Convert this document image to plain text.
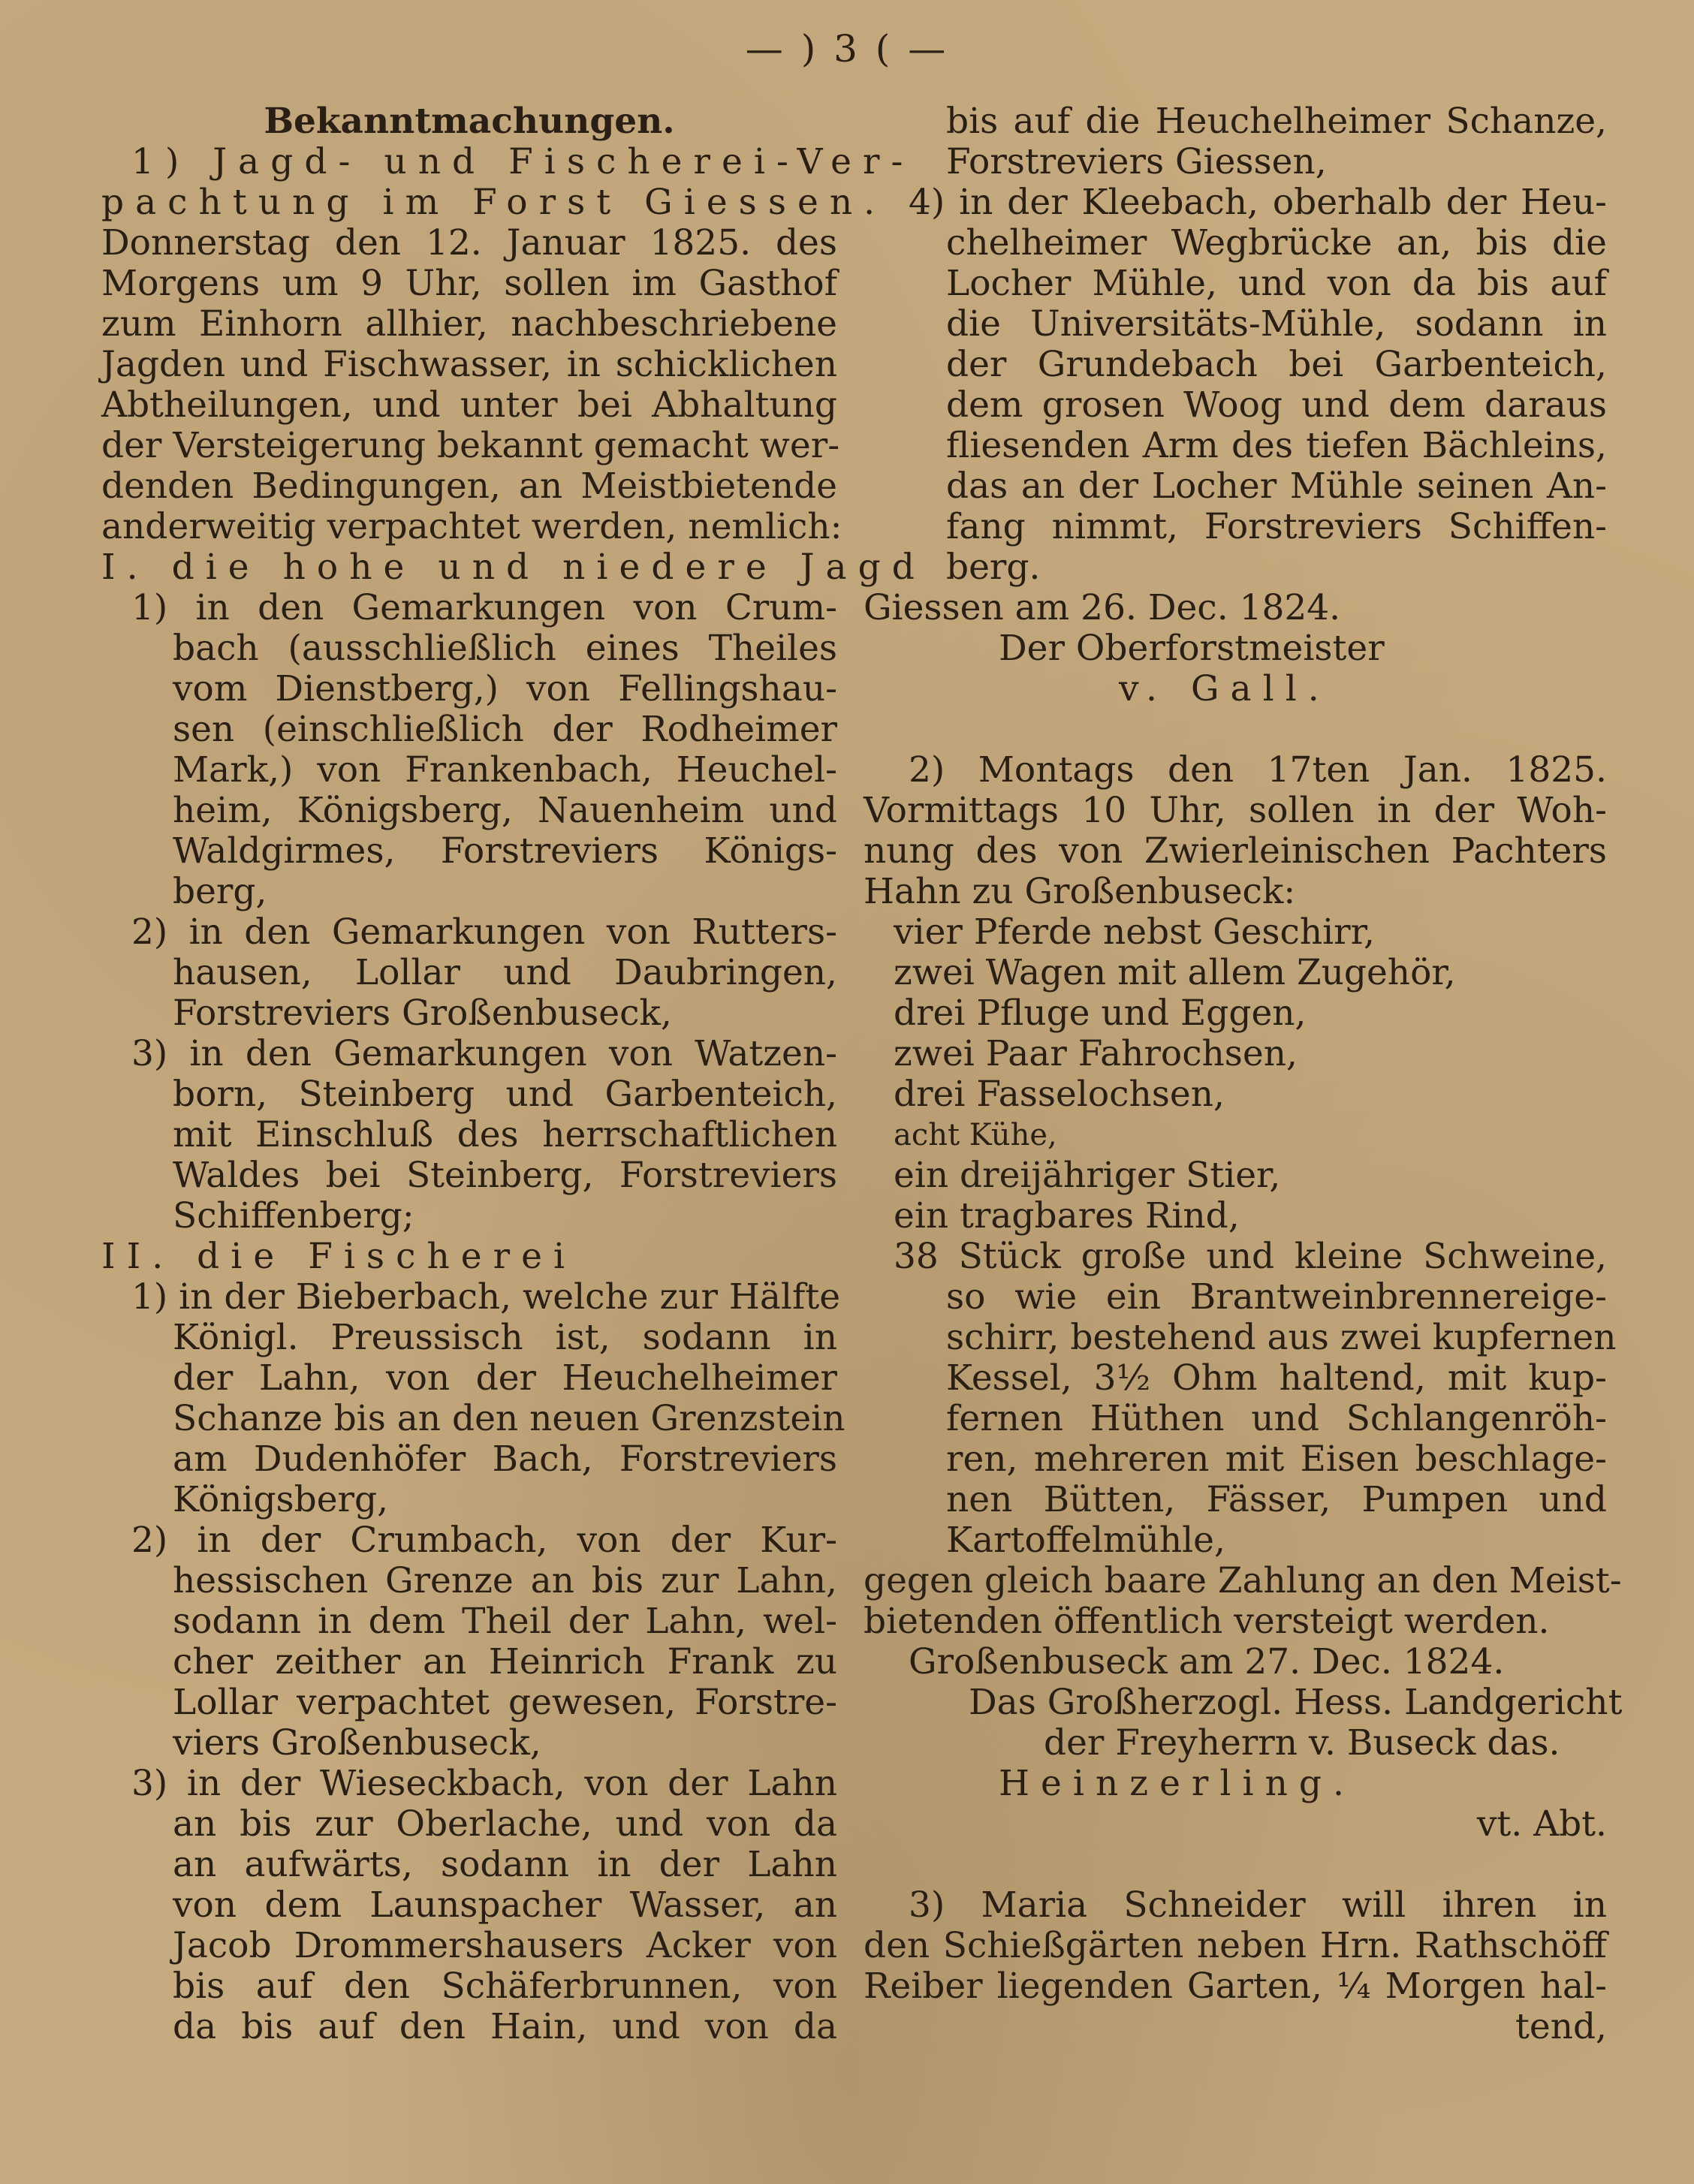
— ) 3 ( —
Bekanntmachungen.
1) Jagd- und Fischerei-Ver-
pachtung im Forst Giessen.
Donnerstag den 12. Januar 1825. des
Morgens um 9 Uhr, sollen im Gasthof
zum Einhorn allhier, nachbeschriebene
Jagden und Fischwasser, in schicklichen
Abtheilungen, und unter bei Abhaltung
der Versteigerung bekannt gemacht wer-
denden Bedingungen, an Meistbietende
anderweitig verpachtet werden, nemlich:
I. die hohe und niedere Jagd
1) in den Gemarkungen von Crum-
bach (ausschließlich eines Theiles
vom Dienstberg,) von Fellingshau-
sen (einschließlich der Rodheimer
Mark,) von Frankenbach, Heuchel-
heim, Königsberg, Nauenheim und
Waldgirmes, Forstreviers Königs-
berg,
2) in den Gemarkungen von Rutters-
hausen, Lollar und Daubringen,
Forstreviers Großenbuseck,
3) in den Gemarkungen von Watzen-
born, Steinberg und Garbenteich,
mit Einschluß des herrschaftlichen
Waldes bei Steinberg, Forstreviers
Schiffenberg;
II. die Fischerei
1) in der Bieberbach, welche zur Hälfte
Königl. Preussisch ist, sodann in
der Lahn, von der Heuchelheimer
Schanze bis an den neuen Grenzstein
am Dudenhöfer Bach, Forstreviers
Königsberg,
2) in der Crumbach, von der Kur-
hessischen Grenze an bis zur Lahn,
sodann in dem Theil der Lahn, wel-
cher zeither an Heinrich Frank zu
Lollar verpachtet gewesen, Forstre-
viers Großenbuseck,
3) in der Wieseckbach, von der Lahn
an bis zur Oberlache, und von da
an aufwärts, sodann in der Lahn
von dem Launspacher Wasser, an
Jacob Drommershausers Acker von
bis auf den Schäferbrunnen, von
da bis auf den Hain, und von da
bis auf die Heuchelheimer Schanze,
Forstreviers Giessen,
4) in der Kleebach, oberhalb der Heu-
chelheimer Wegbrücke an, bis die
Locher Mühle, und von da bis auf
die Universitäts-Mühle, sodann in
der Grundebach bei Garbenteich,
dem grosen Woog und dem daraus
fliesenden Arm des tiefen Bächleins,
das an der Locher Mühle seinen An-
fang nimmt, Forstreviers Schiffen-
berg.
Giessen am 26. Dec. 1824.
Der Oberforstmeister
v. Gall.
2) Montags den 17ten Jan. 1825.
Vormittags 10 Uhr, sollen in der Woh-
nung des von Zwierleinischen Pachters
Hahn zu Großenbuseck:
vier Pferde nebst Geschirr,
zwei Wagen mit allem Zugehör,
drei Pfluge und Eggen,
zwei Paar Fahrochsen,
drei Fasselochsen,
acht Kühe,
ein dreijähriger Stier,
ein tragbares Rind,
38 Stück große und kleine Schweine,
so wie ein Brantweinbrennereige-
schirr, bestehend aus zwei kupfernen
Kessel, 3½ Ohm haltend, mit kup-
fernen Hüthen und Schlangenröh-
ren, mehreren mit Eisen beschlage-
nen Bütten, Fässer, Pumpen und
Kartoffelmühle,
gegen gleich baare Zahlung an den Meist-
bietenden öffentlich versteigt werden.
Großenbuseck am 27. Dec. 1824.
Das Großherzogl. Hess. Landgericht
der Freyherrn v. Buseck das.
Heinzerling.
vt. Abt.
3) Maria Schneider will ihren in
den Schießgärten neben Hrn. Rathschöff
Reiber liegenden Garten, ¼ Morgen hal-
tend,
